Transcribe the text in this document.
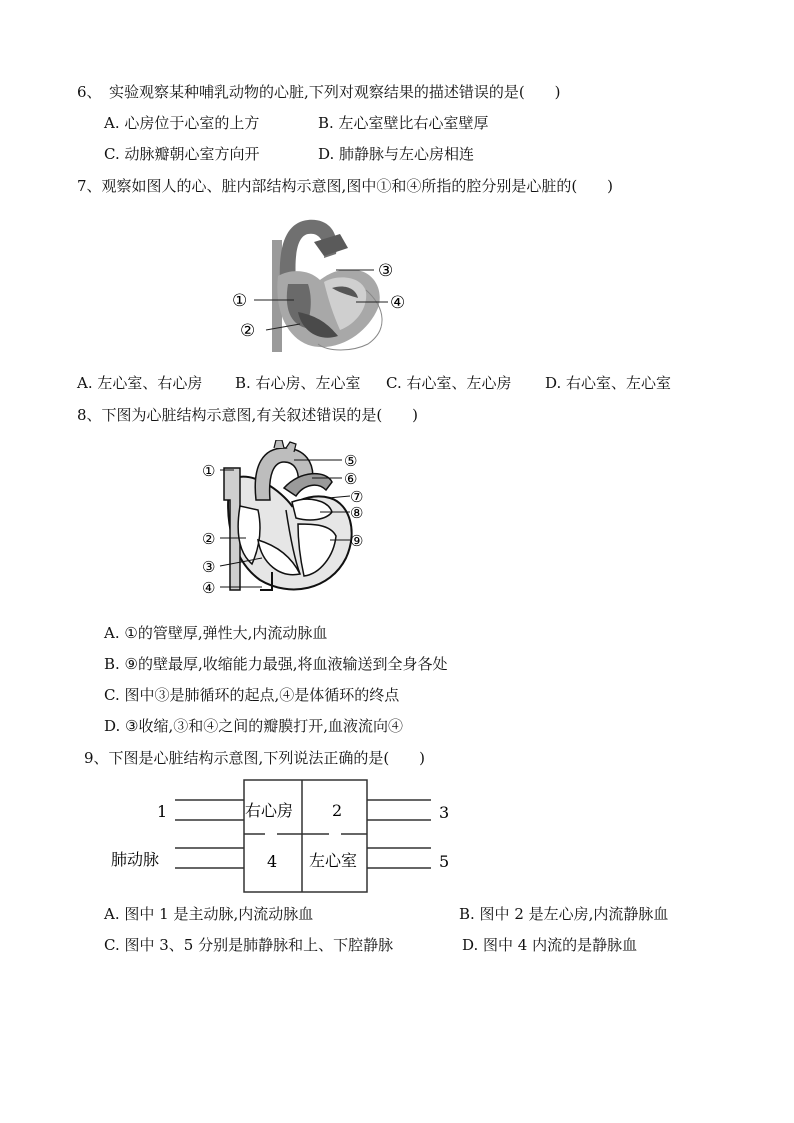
6、　实验观察某种哺乳动物的心脏,下列对观察结果的描述错误的是(　　)
A. 心房位于心室的上方	B. 左心室壁比右心室壁厚
C. 动脉瓣朝心室方向开	D. 肺静脉与左心房相连
7、观察如图人的心、脏内部结构示意图,图中①和④所指的腔分别是心脏的(　　)
①
②
③
④
A. 左心室、右心房 B. 右心房、左心室 C. 右心室、左心房 D. 右心室、左心室
8、下图为心脏结构示意图,有关叙述错误的是(　　)
①
②
③
④
⑤
⑥
⑦
⑧
⑨
A. ①的管壁厚,弹性大,内流动脉血
B. ⑨的壁最厚,收缩能力最强,将血液输送到全身各处
C. 图中③是肺循环的起点,④是体循环的终点
D. ③收缩,③和④之间的瓣膜打开,血液流向④
9、下图是心脏结构示意图,下列说法正确的是(　　)
1	右心房 2	3
肺动脉	4 左心室	5
A. 图中 1 是主动脉,内流动脉血	B. 图中 2 是左心房,内流静脉血
C. 图中 3、5 分别是肺静脉和上、下腔静脉	D. 图中 4 内流的是静脉血
